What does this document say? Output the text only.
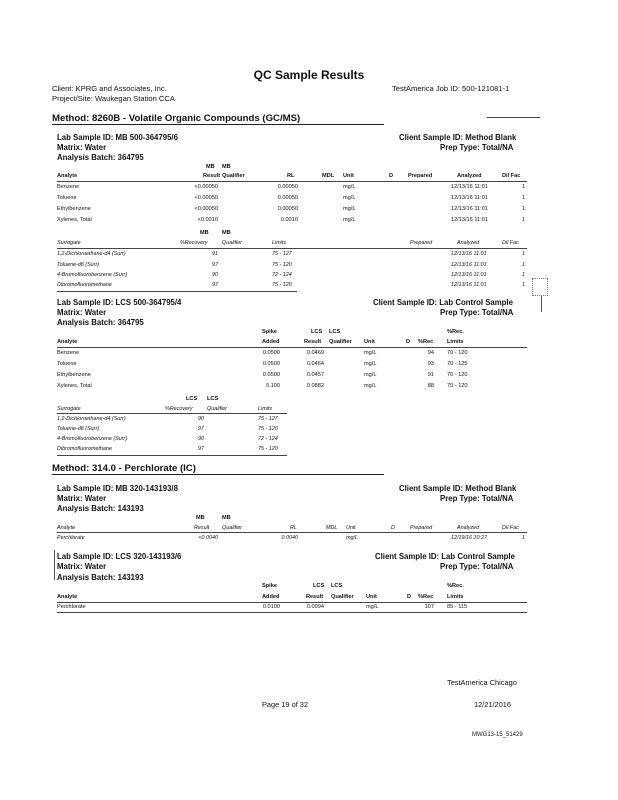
QC Sample Results
Client: KPRG and Associates, Inc.
Project/Site: Waukegan Station CCA
TestAmerica Job ID: 500-121081-1
Method: 8260B - Volatile Organic Compounds (GC/MS)
Lab Sample ID: MB 500-364795/6
Matrix: Water
Analysis Batch: 364795
Client Sample ID: Method Blank
Prep Type: Total/NA
MB MB
Analyte	Result Qualifier	RL	MDL Unit	D	Prepared	Analyzed	Dil Fac
Benzene	<0.00050	0.00050	mg/L	12/13/16 11:01	1
Toluene	<0.00050	0.00050	mg/L	12/13/16 11:01	1
Ethylbenzene	<0.00050	0.00050	mg/L	12/13/16 11:01	1
Xylenes, Total	<0.0010	0.0010	mg/L	12/13/16 11:01	1
MB MB
Surrogate	%Recovery	Qualifier	Limits	Prepared	Analyzed	Dil Fac
1,2-Dichloroethane-d4 (Surr)	91	75 - 127	12/13/16 11:01	1
Toluene-d8 (Surr)	97	75 - 120	12/13/16 11:01	1
4-Bromofluorobenzene (Surr)	90	72 - 124	12/13/16 11:01	1
Dibromofluoromethane	97	75 - 120	12/13/16 11:01	1
Lab Sample ID: LCS 500-364795/4
Matrix: Water
Analysis Batch: 364795
Client Sample ID: Lab Control Sample
Prep Type: Total/NA
Spike	LCS LCS	%Rec.
Analyte	Added	Result Qualifier Unit	D %Rec Limits
Benzene	0.0500	0.0469	mg/L	94 70 - 120
Toluene	0.0500	0.0464	mg/L	93 70 - 125
Ethylbenzene	0.0500	0.0457	mg/L	91 70 - 120
Xylenes, Total	0.100	0.0882	mg/L	88 70 - 120
LCS LCS
Surrogate	%Recovery	Qualifier	Limits
1,2-Dichloroethane-d4 (Surr)	90	75 - 127
Toluene-d8 (Surr)	97	75 - 120
4-Bromofluorobenzene (Surr)	90	72 - 124
Dibromofluoromethane	97	75 - 120
Method: 314.0 - Perchlorate (IC)
Lab Sample ID: MB 320-143193/8
Matrix: Water
Analysis Batch: 143193
Client Sample ID: Method Blank
Prep Type: Total/NA
MB	MB
Analyte	Result Qualifier	RL	MDL Unit	D	Prepared	Analyzed	Dil Fac
Perchlorate	<0.0040	0.0040	mg/L	12/19/16 10:27	1
Lab Sample ID: LCS 320-143193/6
Matrix: Water
Analysis Batch: 143193
Client Sample ID: Lab Control Sample
Prep Type: Total/NA
Spike	LCS LCS	%Rec.
Analyte	Added	Result Qualifier Unit	D %Rec Limits
Perchlorate	0.0100	0.0094	mg/L	107 85 - 115
TestAmerica Chicago
Page 19 of 32	12/21/2016
MWG13-15_51429
